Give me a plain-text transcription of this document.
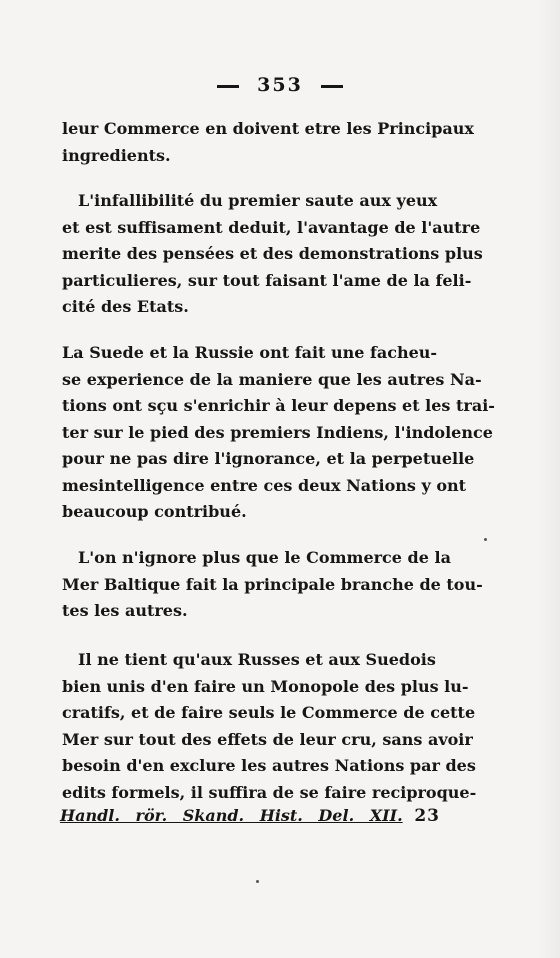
353
leur Commerce en doivent etre les Principaux
ingredients.
L'infallibilité du premier saute aux yeux
et est suffisament deduit, l'avantage de l'autre
merite des pensées et des demonstrations plus
particulieres, sur tout faisant l'ame de la feli-
cité des Etats.
La Suede et la Russie ont fait une facheu-
se experience de la maniere que les autres Na-
tions ont sçu s'enrichir à leur depens et les trai-
ter sur le pied des premiers Indiens, l'indolence
pour ne pas dire l'ignorance, et la perpetuelle
mesintelligence entre ces deux Nations y ont
beaucoup contribué.
L'on n'ignore plus que le Commerce de la
Mer Baltique fait la principale branche de tou-
tes les autres.
Il ne tient qu'aux Russes et aux Suedois
bien unis d'en faire un Monopole des plus lu-
cratifs, et de faire seuls le Commerce de cette
Mer sur tout des effets de leur cru, sans avoir
besoin d'en exclure les autres Nations par des
edits formels, il suffira de se faire reciproque-
Handl. rör. Skand. Hist. Del. XII. 23
